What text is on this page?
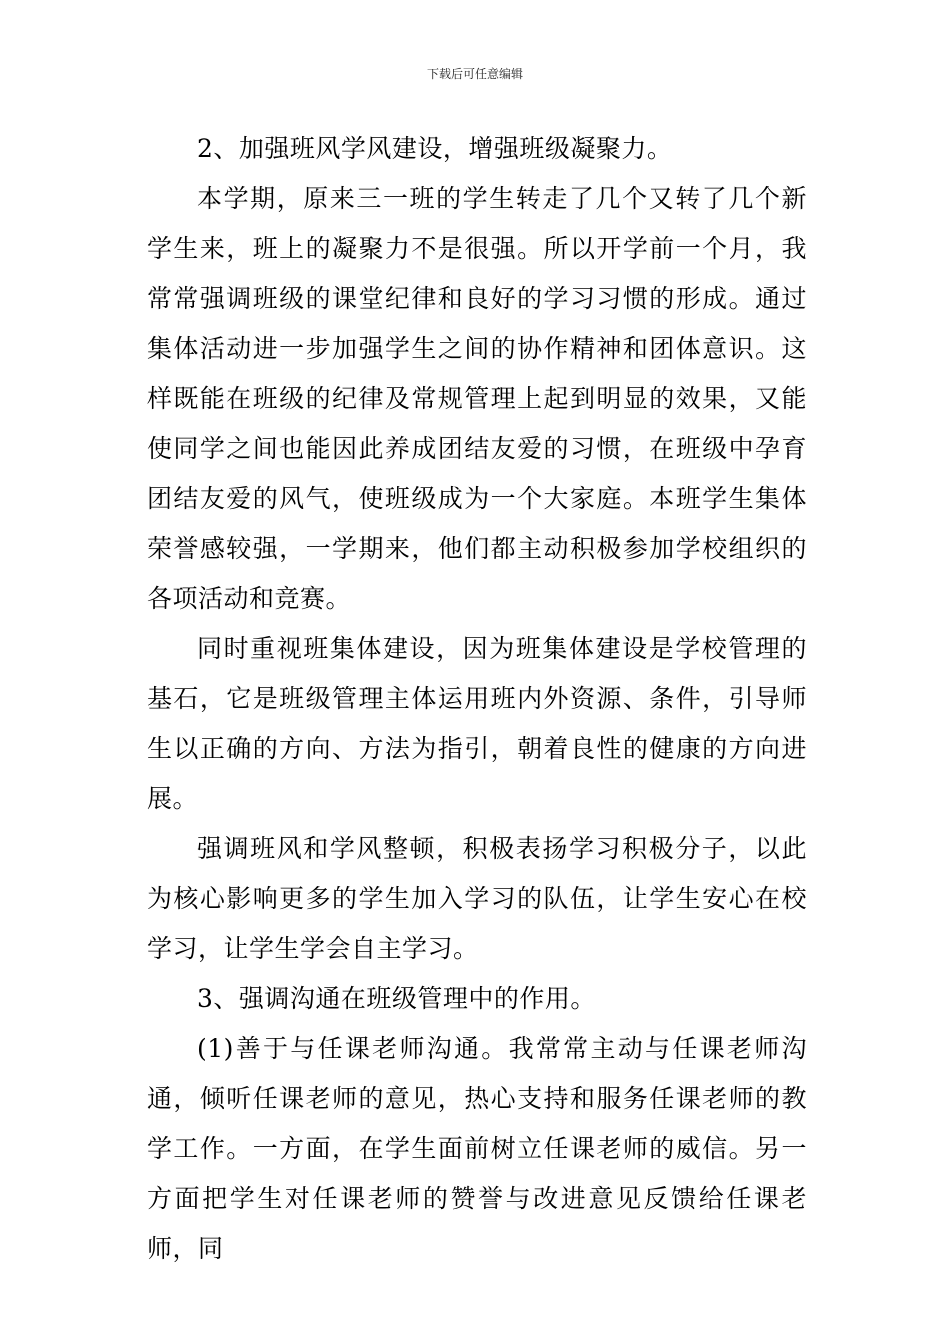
下载后可任意编辑

2、加强班风学风建设，增强班级凝聚力。

本学期，原来三一班的学生转走了几个又转了几个新学生来，班上的凝聚力不是很强。所以开学前一个月，我常常强调班级的课堂纪律和良好的学习习惯的形成。通过集体活动进一步加强学生之间的协作精神和团体意识。这样既能在班级的纪律及常规管理上起到明显的效果，又能使同学之间也能因此养成团结友爱的习惯，在班级中孕育团结友爱的风气，使班级成为一个大家庭。本班学生集体荣誉感较强，一学期来，他们都主动积极参加学校组织的各项活动和竞赛。

同时重视班集体建设，因为班集体建设是学校管理的基石，它是班级管理主体运用班内外资源、条件，引导师生以正确的方向、方法为指引，朝着良性的健康的方向进展。

强调班风和学风整顿，积极表扬学习积极分子，以此为核心影响更多的学生加入学习的队伍，让学生安心在校学习，让学生学会自主学习。

3、强调沟通在班级管理中的作用。

(1)善于与任课老师沟通。我常常主动与任课老师沟通，倾听任课老师的意见，热心支持和服务任课老师的教学工作。一方面，在学生面前树立任课老师的威信。另一方面把学生对任课老师的赞誉与改进意见反馈给任课老师，同
